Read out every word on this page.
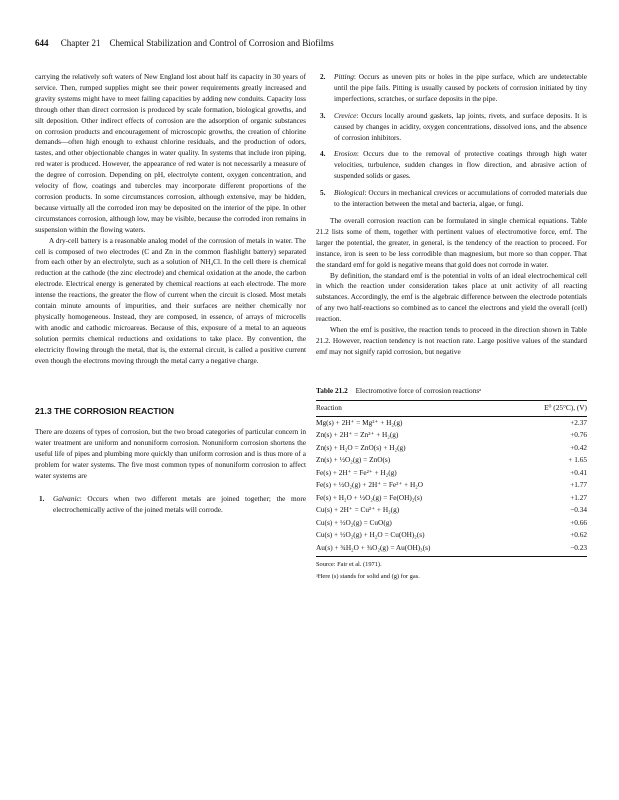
644 Chapter 21 Chemical Stabilization and Control of Corrosion and Biofilms

carrying the relatively soft waters of New England lost about half its capacity in 30 years of service. Then, rumped supplies might see their power requirements greatly increased and gravity systems might have to meet failing capacities by adding new conduits. Capacity loss through other than direct corrosion is produced by scale formation, biological growths, and silt deposition. Other indirect effects of corrosion are the adsorption of organic substances on corrosion products and encouragement of microscopic growths, the creation of chlorine demands—often high enough to exhaust chlorine residuals, and the production of odors, tastes, and other objectionable changes in water quality. In systems that include iron piping, red water is produced. However, the appearance of red water is not necessarily a measure of the degree of corrosion. Depending on pH, electrolyte content, oxygen concentration, and velocity of flow, coatings and tubercles may incorporate different proportions of the corrosion products. In some circumstances corrosion, although extensive, may be hidden, because virtually all the corroded iron may be deposited on the interior of the pipe. In other circumstances corrosion, although low, may be visible, because the corroded iron remains in suspension within the flowing waters.

A dry-cell battery is a reasonable analog model of the corrosion of metals in water. The cell is composed of two electrodes (C and Zn in the common flashlight battery) separated from each other by an electrolyte, such as a solution of NH₄Cl. In the cell there is chemical reduction at the cathode (the zinc electrode) and chemical oxidation at the anode, the carbon electrode. Electrical energy is generated by chemical reactions at each electrode. The more intense the reactions, the greater the flow of current when the circuit is closed. Most metals contain minute amounts of impurities, and their surfaces are neither chemically nor physically homogeneous. Instead, they are composed, in essence, of arrays of microcells with anodic and cathodic microareas. Because of this, exposure of a metal to an aqueous solution permits chemical reductions and oxidations to take place. By convention, the electricity flowing through the metal, that is, the external circuit, is called a positive current even though the electrons moving through the metal carry a negative charge.

21.3 THE CORROSION REACTION

There are dozens of types of corrosion, but the two broad categories of particular concern in water treatment are uniform and nonuniform corrosion. Nonuniform corrosion shortens the useful life of pipes and plumbing more quickly than uniform corrosion and is thus more of a problem for water systems. The five most common types of nonuniform corrosion to affect water systems are

1. Galvanic: Occurs when two different metals are joined together; the more electrochemically active of the joined metals will corrode.
2. Pitting: Occurs as uneven pits or holes in the pipe surface, which are undetectable until the pipe fails. Pitting is usually caused by pockets of corrosion initiated by tiny imperfections, scratches, or surface deposits in the pipe.
3. Crevice: Occurs locally around gaskets, lap joints, rivets, and surface deposits. It is caused by changes in acidity, oxygen concentrations, dissolved ions, and the absence of corrosion inhibitors.
4. Erosion: Occurs due to the removal of protective coatings through high water velocities, turbulence, sudden changes in flow direction, and abrasive action of suspended solids or gases.
5. Biological: Occurs in mechanical crevices or accumulations of corroded materials due to the interaction between the metal and bacteria, algae, or fungi.

The overall corrosion reaction can be formulated in single chemical equations. Table 21.2 lists some of them, together with pertinent values of electromotive force, emf. The larger the potential, the greater, in general, is the tendency of the reaction to proceed. For instance, iron is seen to be less corrodible than magnesium, but more so than copper. That the standard emf for gold is negative means that gold does not corrode in water.

By definition, the standard emf is the potential in volts of an ideal electrochemical cell in which the reaction under consideration takes place at unit activity of all reacting substances. Accordingly, the emf is the algebraic difference between the electrode potentials of any two half-reactions so combined as to cancel the electrons and yield the overall (cell) reaction.

When the emf is positive, the reaction tends to proceed in the direction shown in Table 21.2. However, reaction tendency is not reaction rate. Large positive values of the standard emf may not signify rapid corrosion, but negative

Table 21.2 Electromotive force of corrosion reactionsᵃ
Reaction	E⁰ (25°C), (V)
Mg(s) + 2H⁺ = Mg²⁺ + H₂(g)	+2.37
Zn(s) + 2H⁺ = Zn²⁺ + H₂(g)	+0.76
Zn(s) + H₂O = ZnO(s) + H₂(g)	+0.42
Zn(s) + ½O₂(g) = ZnO(s)	+ 1.65
Fe(s) + 2H⁺ = Fe²⁺ + H₂(g)	+0.41
Fe(s) + ½O₂(g) + 2H⁺ = Fe²⁺ + H₂O	+1.77
Fe(s) + H₂O + ½O₂(g) = Fe(OH)₂(s)	+1.27
Cu(s) + 2H⁺ = Cu²⁺ + H₂(g)	−0.34
Cu(s) + ½O₂(g) = CuO(g)	+0.66
Cu(s) + ½O₂(g) + H₂O = Cu(OH)₂(s)	+0.62
Au(s) + ¾H₂O + ¾O₂(g) = Au(OH)₃(s)	−0.23
Source: Fair et al. (1971).
ᵃHere (s) stands for solid and (g) for gas.
